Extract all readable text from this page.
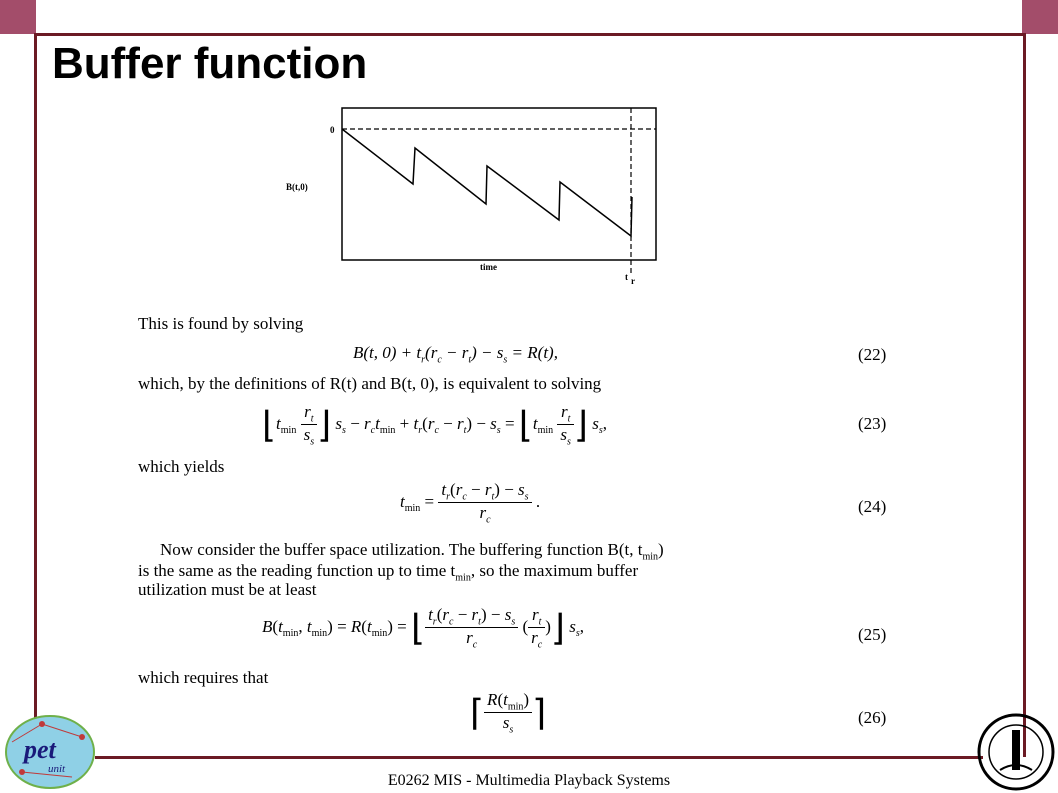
Buffer function
0
B(t,0)
time
t r
This is found by solving
B(t, $0) + t_r(r_c - r_t) - s_s = R(t)$,	(22)
which, by the definitions of R(t) and B(t, 0), is equivalent to solving
$⌊t_{min} \frac{r_t}{s_s}$ ⌋ $s_s - r_ct_{min} + t_r(r_c - r_t) - s_s$ = $⌊t_{min} \frac{r_t}{s_s}$ ⌋ $s_s$,	(23)
which yields
$t_{min} = \frac{t_r(r_c - r_t) - s_s}{r_c}$ .	(24)
Now consider the buffer space utilization. The buffering function B(t, $t_{min}$)
is the same as the reading function up to time $t_{min}$, so the maximum buffer
utilization must be at least
$B(t_{min}$, $t_{min}) = R(t_{min})$ = ⌊ $\frac{t_r(r_c - r_t) - s_s}{r_c}$ ( $\frac{r_t}{r_c}$ )⌋ $s_s$,	(25)
which requires that
⌈ $\frac{R(t_{min})}{s_s}$ ⌉	(26)
pet
unit
E0262 MIS - Multimedia Playback Systems
